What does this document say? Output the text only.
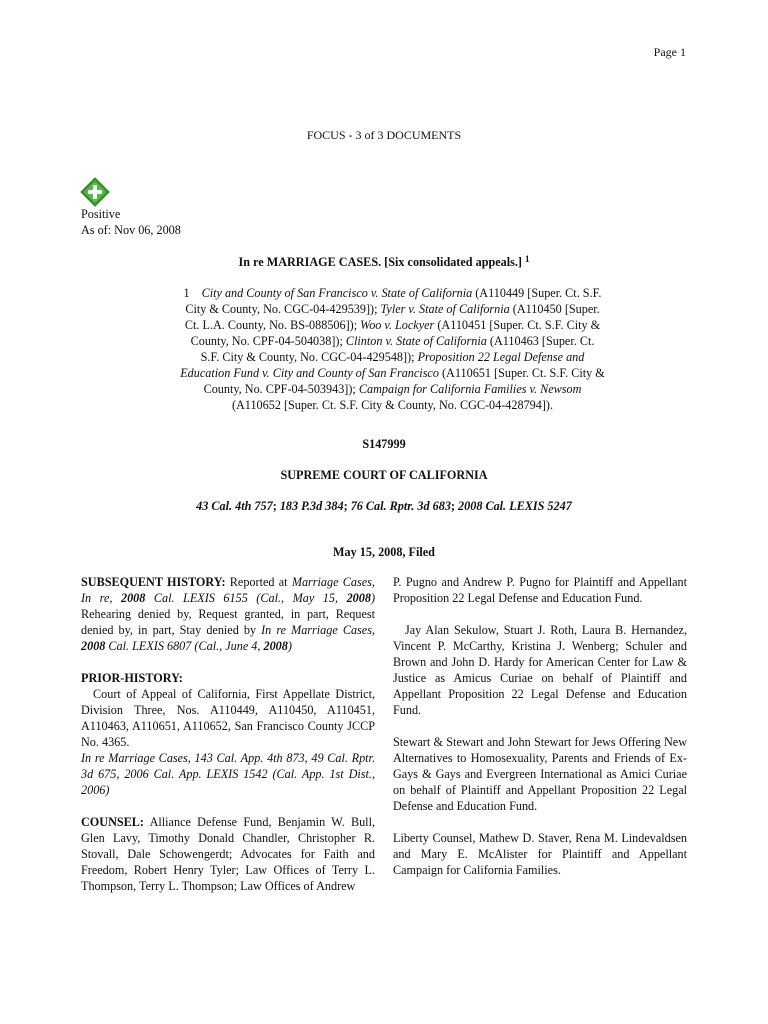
Page 1
FOCUS - 3 of 3 DOCUMENTS
Positive
As of: Nov 06, 2008
In re MARRIAGE CASES. [Six consolidated appeals.] $^1$
1 City and County of San Francisco v. State of California (A110449 [Super. Ct. S.F. City & County, No. CGC-04-429539]); Tyler v. State of California (A110450 [Super. Ct. L.A. County, No. BS-088506]); Woo v. Lockyer (A110451 [Super. Ct. S.F. City & County, No. CPF-04-504038]); Clinton v. State of California (A110463 [Super. Ct. S.F. City & County, No. CGC-04-429548]); Proposition 22 Legal Defense and Education Fund v. City and County of San Francisco (A110651 [Super. Ct. S.F. City & County, No. CPF-04-503943]); Campaign for California Families v. Newsom (A110652 [Super. Ct. S.F. City & County, No. CGC-04-428794]).
S147999
SUPREME COURT OF CALIFORNIA
43 Cal. 4th 757; 183 P.3d 384; 76 Cal. Rptr. 3d 683; 2008 Cal. LEXIS 5247
May 15, 2008, Filed

SUBSEQUENT HISTORY: Reported at Marriage Cases, In re, 2008 Cal. LEXIS 6155 (Cal., May 15, 2008) Rehearing denied by, Request granted, in part, Request denied by, in part, Stay denied by In re Marriage Cases, 2008 Cal. LEXIS 6807 (Cal., June 4, 2008)

PRIOR-HISTORY:
Court of Appeal of California, First Appellate District, Division Three, Nos. A110449, A110450, A110451, A110463, A110651, A110652, San Francisco County JCCP No. 4365.
In re Marriage Cases, 143 Cal. App. 4th 873, 49 Cal. Rptr. 3d 675, 2006 Cal. App. LEXIS 1542 (Cal. App. 1st Dist., 2006)

COUNSEL: Alliance Defense Fund, Benjamin W. Bull, Glen Lavy, Timothy Donald Chandler, Christopher R. Stovall, Dale Schowengerdt; Advocates for Faith and Freedom, Robert Henry Tyler; Law Offices of Terry L. Thompson, Terry L. Thompson; Law Offices of Andrew

P. Pugno and Andrew P. Pugno for Plaintiff and Appellant Proposition 22 Legal Defense and Education Fund.

Jay Alan Sekulow, Stuart J. Roth, Laura B. Hernandez, Vincent P. McCarthy, Kristina J. Wenberg; Schuler and Brown and John D. Hardy for American Center for Law & Justice as Amicus Curiae on behalf of Plaintiff and Appellant Proposition 22 Legal Defense and Education Fund.

Stewart & Stewart and John Stewart for Jews Offering New Alternatives to Homosexuality, Parents and Friends of Ex-Gays & Gays and Evergreen International as Amici Curiae on behalf of Plaintiff and Appellant Proposition 22 Legal Defense and Education Fund.

Liberty Counsel, Mathew D. Staver, Rena M. Lindevaldsen and Mary E. McAlister for Plaintiff and Appellant Campaign for California Families.
